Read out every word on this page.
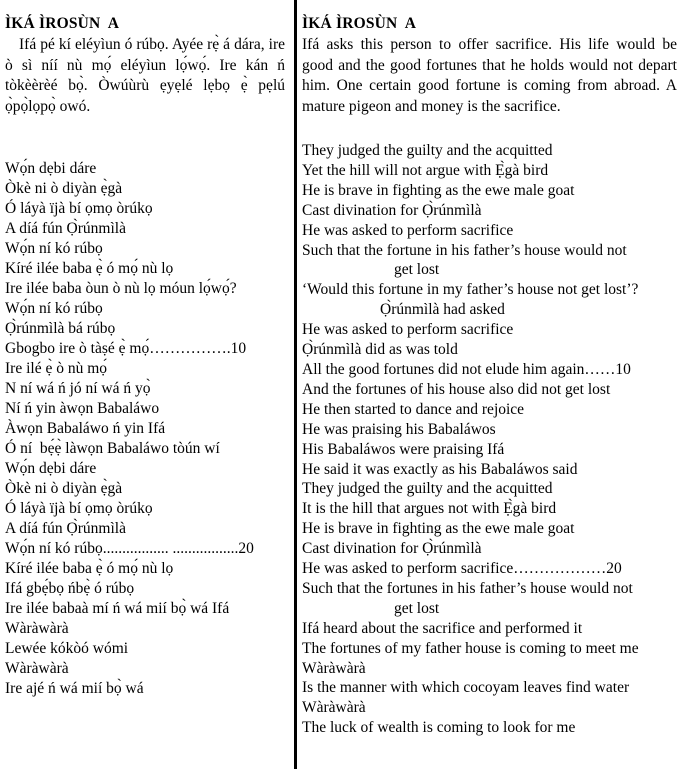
ÌKÁ ÌROSÙN  A

Ifá pé kí eléyìun ó rúbọ. Ayée rẹ̀ á dára, ire ò sì níí nù mọ́ eléyìun lọ́wọ́. Ire kán ń tòkèèrèé bọ̀. Òwúùrù ẹyẹlé lẹbọ ẹ̀ pẹlú ọ̀pọ̀lọpọ̀ owó.

Wọ́n dẹbi dáre
Òkè ni ò diyàn ẹ̀gà
Ó láyà ïjà bí ọmọ òrúkọ
A díá fún Ọ̀rúnmìlà
Wọ́n ní kó rúbọ
Kíré ilée baba ẹ̀ ó mọ́ nù lọ
Ire ilée baba òun ò nù lọ móun lọ́wọ́?
Wọ́n ní kó rúbọ
Ọ̀rúnmìlà bá rúbọ
Gbogbo ire ò tàṣé ẹ̀ mọ́…………….10
Ire ilé ẹ̀ ò nù mọ́
N ní wá ń jó ní wá ń yọ̀
Ní ń yin àwọn Babaláwo
Àwọn Babaláwo ń yin Ifá
Ó ní  bẹ́ẹ̀ làwọn Babaláwo tòún wí
Wọ́n dẹbi dáre
Òkè ni ò diyàn ẹ̀gà
Ó láyà ïjà bí ọmọ òrúkọ
A díá fún Ọ̀rúnmìlà
Wọ́n ní kó rúbọ................. .................20
Kíré ilée baba ẹ̀ ó mọ́ nù lọ
Ifá gbẹ́bọ ńbẹ̀ ó rúbọ
Ire ilée babaà mí ń wá mií bọ̀ wá Ifá
Wàràwàrà
Lewée kókòó wómi
Wàràwàrà
Ire ajé ń wá mií bọ̀ wá
ÌKÁ ÌROSÙN  A

Ifá asks this person to offer sacrifice. His life would be good and the good fortunes that he holds would not depart him. One certain good fortune is coming from abroad. A mature pigeon and money is the sacrifice.

They judged the guilty and the acquitted
Yet the hill will not argue with Ẹ̀gà bird
He is brave in fighting as the ewe male goat
Cast divination for Ọ̀rúnmìlà
He was asked to perform sacrifice
Such that the fortune in his father’s house would not
get lost
‘Would this fortune in my father’s house not get lost’?
Ọ̀rúnmìlà had asked
He was asked to perform sacrifice
Ọ̀rúnmìlà did as was told
All the good fortunes did not elude him again……10
And the fortunes of his house also did not get lost
He then started to dance and rejoice
He was praising his Babaláwos
His Babaláwos were praising Ifá
He said it was exactly as his Babaláwos said
They judged the guilty and the acquitted
It is the hill that argues not with Ẹ̀gà bird
He is brave in fighting as the ewe male goat
Cast divination for Ọ̀rúnmìlà
He was asked to perform sacrifice………………20
Such that the fortunes in his father’s house would not
get lost
Ifá heard about the sacrifice and performed it
The fortunes of my father house is coming to meet me
Wàràwàrà
Is the manner with which cocoyam leaves find water
Wàràwàrà
The luck of wealth is coming to look for me
